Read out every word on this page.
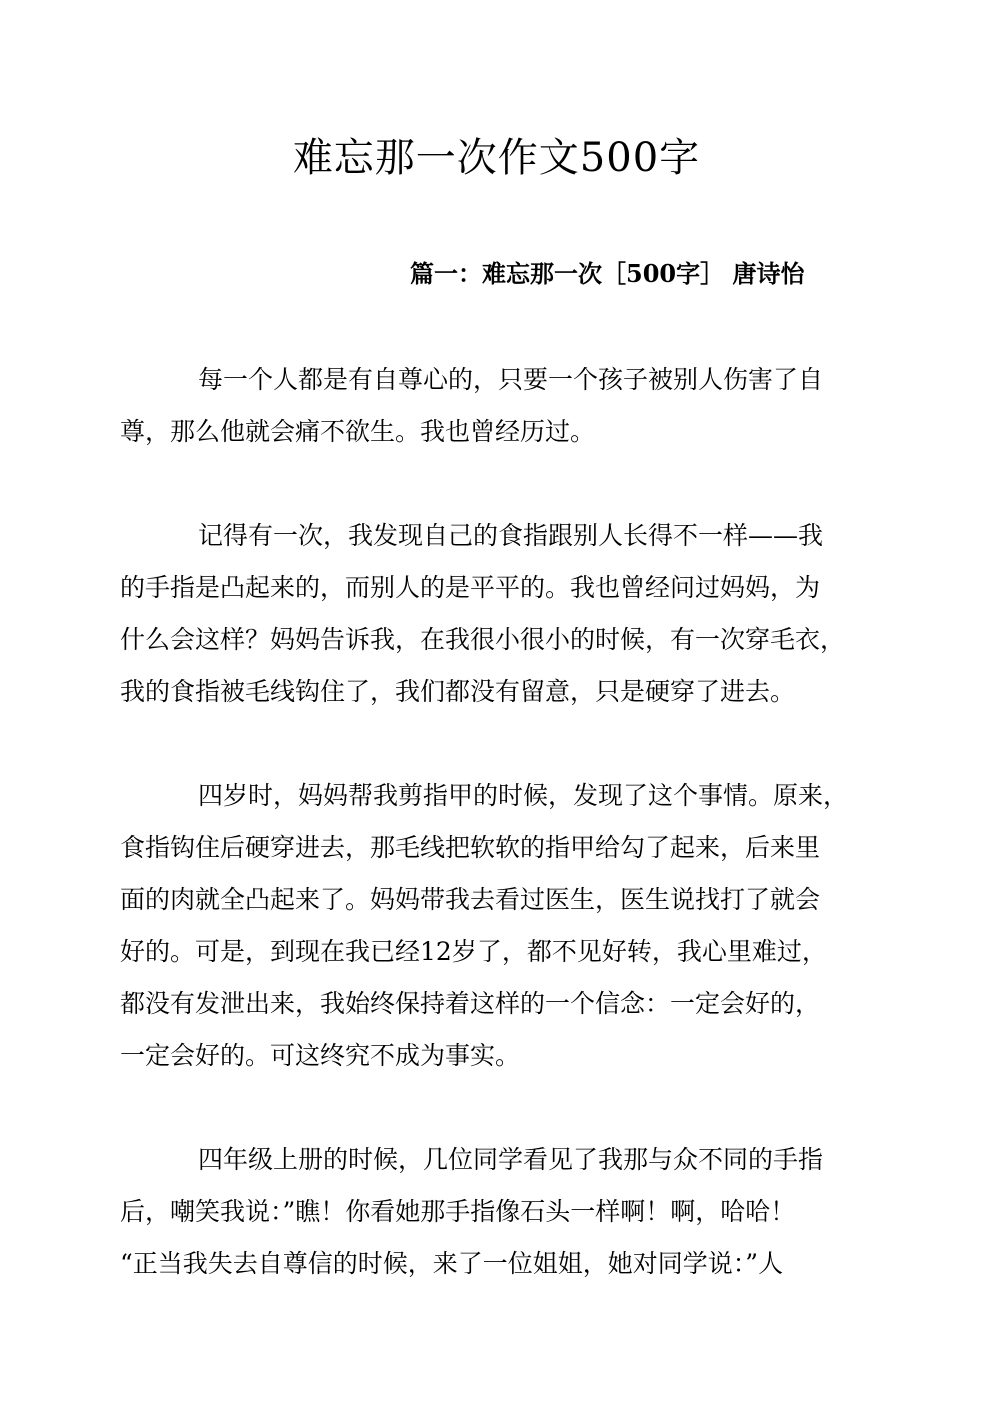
难忘那一次作文500字
篇一：难忘那一次［500字］ 唐诗怡
每一个人都是有自尊心的，只要一个孩子被别人伤害了自
尊，那么他就会痛不欲生。我也曾经历过。
记得有一次，我发现自己的食指跟别人长得不一样——我
的手指是凸起来的，而别人的是平平的。我也曾经问过妈妈，为
什么会这样？妈妈告诉我，在我很小很小的时候，有一次穿毛衣，
我的食指被毛线钩住了，我们都没有留意，只是硬穿了进去。
四岁时，妈妈帮我剪指甲的时候，发现了这个事情。原来，
食指钩住后硬穿进去，那毛线把软软的指甲给勾了起来，后来里
面的肉就全凸起来了。妈妈带我去看过医生，医生说找打了就会
好的。可是，到现在我已经12岁了，都不见好转，我心里难过，
都没有发泄出来，我始终保持着这样的一个信念：一定会好的，
一定会好的。可这终究不成为事实。
四年级上册的时候，几位同学看见了我那与众不同的手指
后，嘲笑我说：”瞧！你看她那手指像石头一样啊！啊，哈哈！
“正当我失去自尊信的时候，来了一位姐姐，她对同学说：”人
